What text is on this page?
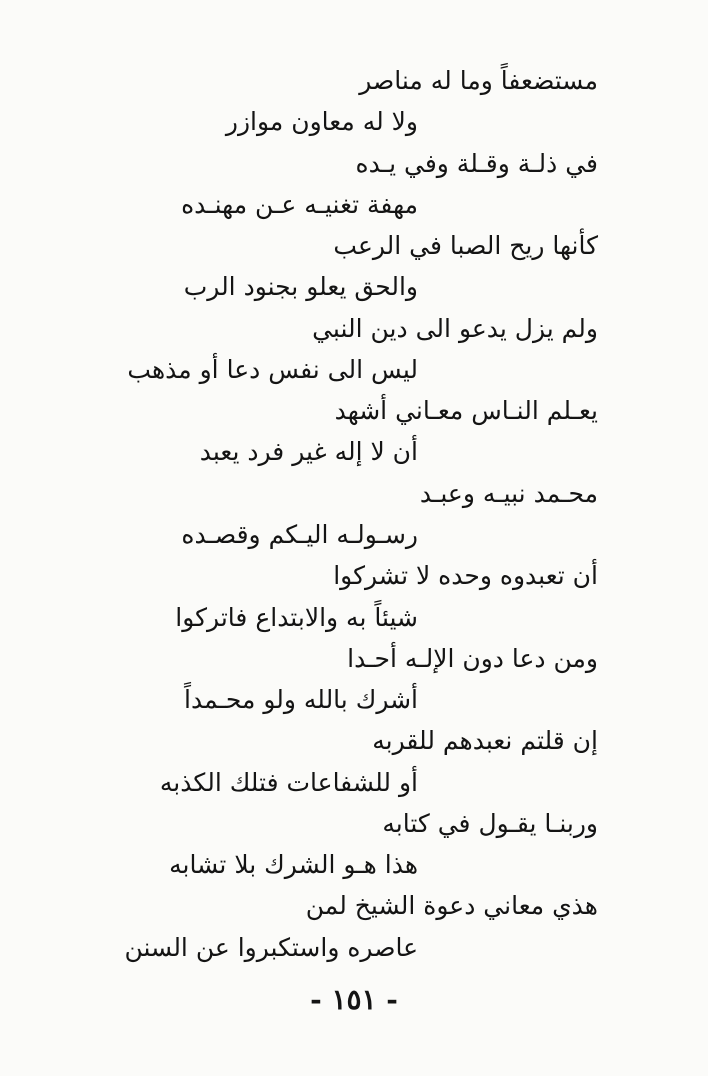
مستضعفاً وما له مناصر
ولا له معاون موازر
في ذلـة وقـلة وفي يـده
مهفة تغنيـه عـن مهنـده
كأنها ريح الصبا في الرعب
والحق يعلو بجنود الرب
ولم يزل يدعو الى دين النبي
ليس الى نفس دعا أو مذهب
يعـلم النـاس معـاني أشهد
أن لا إله غير فرد يعبد
محـمد نبيـه وعبـد
رسـولـه اليـكم وقصـده
أن تعبدوه وحده لا تشركوا
شيئاً به والابتداع فاتركوا
ومن دعا دون الإلـه أحـدا
أشرك بالله ولو محـمداً
إن قلتم نعبدهم للقربه
أو للشفاعات فتلك الكذبه
وربنـا يقـول في كتابه
هذا هـو الشرك بلا تشابه
هذي معاني دعوة الشيخ لمن
- ١٥١ -
عاصره واستكبروا عن السنن
